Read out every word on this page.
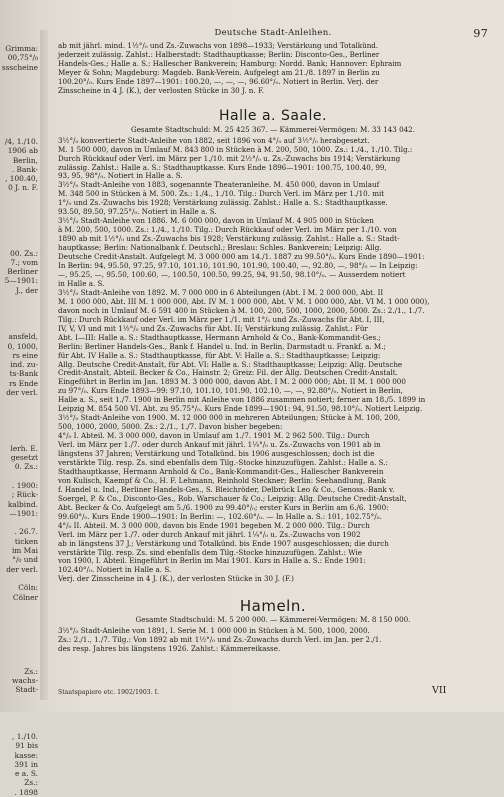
Grimma:
00,75°/₀
ssscheine
/4, 1./10.
1906 ab
Berlin,
. Bank-
, 100.40,
0 J. n. F.
00. Zs.:
7.; vom
Berliner
5—1901:
J., der
ansfeld,
0, 1000,
rs eine
ind. zu-
ts-Bank
rs Ende
der verl.
lerh. E.
gesetzt
0. Zs.:
. 1900:
; Rück-
kalbind.
—1901:
. 26.7.
ticken
im Mai
°/₀ und
der verl.
Cöln:
Cölner
Zs.:
wachs-
Stadt-
, 1./10.
91 bis
kasse:
391 in
e a. S.
Zs.:
. 1898
Deutsche Stadt-Anleihen.	97
ab mit jährl. mind. 1½°/₀ und Zs.-Zuwachs von 1898—1933; Verstärkung und Totalkünd.
jederzeit zulässig. Zahlst.: Halberstadt: Stadthauptkasse; Berlin: Disconto-Ges., Berliner
Handels-Ges.; Halle a. S.: Hallescher Bankverein; Hamburg: Nordd. Bank; Hannover: Ephraim
Meyer & Sohn; Magdeburg: Magdeb. Bank-Verein. Aufgelegt am 21./8. 1897 in Berlin zu
100.20°/₀. Kurs Ende 1897—1901: 100.20, —, —, —, 96.60°/₀. Notiert in Berlin. Verj. der
Zinsscheine in 4 J. (K.), der verlosten Stücke in 30 J. n. F.
Halle a. Saale.
Gesamte Stadtschuld: M. 25 425 367. — Kämmerei-Vermögen: M. 33 143 042.
3½°/₀ konvertierte Stadt-Anleihe von 1882, seit 1896 von 4°/₀ auf 3½°/₀ herabgesetzt.
M. 1 500 000, davon in Umlauf M. 843 800 in Stücken à M. 200, 500, 1000. Zs.: 1./4., 1./10. Tilg.:
Durch Rückkauf oder Verl. im März per 1./10. mit 2½°/₀ u. Zs.-Zuwachs bis 1914; Verstärkung
zulässig. Zahlst.: Halle a. S.: Stadthauptkasse. Kurs Ende 1896—1901: 100.75, 100.40, 99,
93, 95, 98°/₀. Notiert in Halle a. S.
3½°/₀ Stadt-Anleihe von 1883, sogenannte Theateranleihe. M. 450 000, davon in Umlauf
M. 348 500 in Stücken à M. 500. Zs.: 1./4., 1./10. Tilg.: Durch Verl. im März per 1./10. mit
1°/₀ und Zs.-Zuwachs bis 1928; Verstärkung zulässig. Zahlst.: Halle a. S.: Stadthauptkasse.
93.50, 89.50, 97.25°/₀. Notiert in Halle a. S.
3½°/₀ Stadt-Anleihe von 1886. M. 6 000 000, davon in Umlauf M. 4 905 000 in Stücken
à M. 200, 500, 1000. Zs.: 1./4., 1./10. Tilg.: Durch Rückkauf oder Verl. im März per 1./10. von
1890 ab mit 1½°/₀ und Zs.-Zuwachs bis 1928; Verstärkung zulässig. Zahlst.: Halle a. S.: Stadt-
hauptkasse; Berlin: Nationalbank f. Deutschl.; Breslau: Schles. Bankverein; Leipzig: Allg.
Deutsche Credit-Anstalt. Aufgelegt M. 3 000 000 am 14./1. 1887 zu 99.50°/₀. Kurs Ende 1890—1901:
In Berlin: 94, 95.50, 97.25, 97.10, 101.10, 101.90, 101.90, 100.40, —, 92.80, —, 98°/₀ — In Leipzig:
—, 95.25, —, 95.50, 100.60, —, 100.50, 100.50, 99.25, 94, 91.50, 98.10°/₀. — Ausserdem notiert
in Halle a. S.
3½°/₀ Stadt-Anleihe von 1892. M. 7 000 000 in 6 Abteilungen (Abt. I M. 2 000 000, Abt. II
M. 1 000 000, Abt. III M. 1 000 000, Abt. IV M. 1 000 000, Abt. V M. 1 000 000, Abt. VI M. 1 000 000),
davon noch in Umlauf M. 6 591 400 in Stücken à M. 100, 200, 500, 1000, 2000, 5000. Zs.: 2./1., 1./7.
Tilg.: Durch Rückkauf oder Verl. im März per 1./1. mit 1°/₀ und Zs.-Zuwachs für Abt. I, III,
IV, V, VI und mit 1½°/₀ und Zs.-Zuwachs für Abt. II; Verstärkung zulässig. Zahlst.: Für
Abt. I—III: Halle a. S.: Stadthauptkasse, Hermann Arnhold & Co., Bank-Kommandit-Ges.;
Berlin: Berliner Handels-Ges., Bank f. Handel u. Ind. in Berlin, Darmstadt u. Frankf. a. M.;
für Abt. IV Halle a. S.: Stadthauptkasse, für Abt. V: Halle a. S.: Stadthauptkasse; Leipzig:
Allg. Deutsche Credit-Anstalt, für Abt. VI: Halle a. S.: Stadthauptkasse; Leipzig: Allg. Deutsche
Credit-Anstalt, Abteil. Becker & Co., Hainstr. 2; Greiz: Fil. der Allg. Deutschen Credit-Anstalt.
Eingeführt in Berlin im Jan. 1893 M. 3 000 000, davon Abt. I M. 2 000 000; Abt. II M. 1 000 000
zu 97°/₀. Kurs Ende 1893—99: 97.10, 101.10, 101.90, 102.10, —, —, 92.80°/₀. Notiert in Berlin,
Halle a. S., seit 1./7. 1900 in Berlin mit Anleihe von 1886 zusammen notiert; ferner am 18./5. 1899 in
Leipzig M. 854 500 VI. Abt. zu 95.75°/₀. Kurs Ende 1899—1901: 94, 91.50, 98.10°/₀. Notiert Leipzig.
3½°/₀ Stadt-Anleihe von 1900. M. 12 000 000 in mehreren Abteilungen; Stücke à M. 100, 200,
500, 1000, 2000, 5000. Zs.: 2./1., 1./7. Davon bisher begeben:
4°/₀ I. Abteil. M. 3 000 000, davon in Umlauf am 1./7. 1901 M. 2 962 500. Tilg.: Durch
Verl. im März per 1./7. oder durch Ankauf mit jährl. 1¼°/₀ u. Zs.-Zuwachs von 1901 ab in
längstens 37 Jahren; Verstärkung und Totalkünd. bis 1906 ausgeschlossen; doch ist die
verstärkte Tilg. resp. Zs. sind ebenfalls dem Tilg.-Stocke hinzuzufügen. Zahlst.: Halle a. S.:
Stadthauptkasse, Hermann Arnhold & Co., Bank-Kommandit-Ges., Hallescher Bankverein
von Kulisch, Kaempf & Co., H. F. Lehmann, Reinhold Steckner; Berlin: Seehandlung, Bank
f. Handel u. Ind., Berliner Handels-Ges., S. Bleichröder, Delbrück Leo & Co., Genoss.-Bank v.
Soergel, P. & Co., Disconto-Ges., Rob. Warschauer & Co.; Leipzig: Allg. Deutsche Credit-Anstalt,
Abt. Becker & Co. Aufgelegt am 5./6. 1900 zu 99.40°/₀; erster Kurs in Berlin am 6./6. 1900:
99.60°/₀. Kurs Ende 1900—1901: In Berlin: —, 102.60°/₀. — In Halle a. S.: 101, 102.75°/₀.
4°/₀ II. Abteil. M. 3 000 000, davon bis Ende 1901 begeben M. 2 000 000. Tilg.: Durch
Verl. im März per 1./7. oder durch Ankauf mit jährl. 1¼°/₀ u. Zs.-Zuwachs von 1902
ab in längstens 37 J.; Verstärkung und Totalkünd. bis Ende 1907 ausgeschlossen; die durch
verstärkte Tilg. resp. Zs. sind ebenfalls dem Tilg.-Stocke hinzuzufügen. Zahlst.: Wie
von 1900, I. Abteil. Eingeführt in Berlin im Mai 1901. Kurs in Halle a. S.: Ende 1901:
102.40°/₀. Notiert in Halle a. S.
Verj. der Zinsscheine in 4 J. (K.), der verlosten Stücke in 30 J. (F.)
Hameln.
Gesamte Stadtschuld: M. 5 200 000. — Kämmerei-Vermögen: M. 8 150 000.
3½°/₀ Stadt-Anleihe von 1891, I. Serie M. 1 000 000 in Stücken à M. 500, 1000, 2000.
Zs.: 2./1., 1./7. Tilg.: Von 1892 ab mit 1½°/₀ und Zs.-Zuwachs durch Verl. im Jan. per 2./1.
des resp. Jahres bis längstens 1926. Zahlst.: Kämmereikasse.
Staatspapiere etc. 1902/1903. I.	VII
